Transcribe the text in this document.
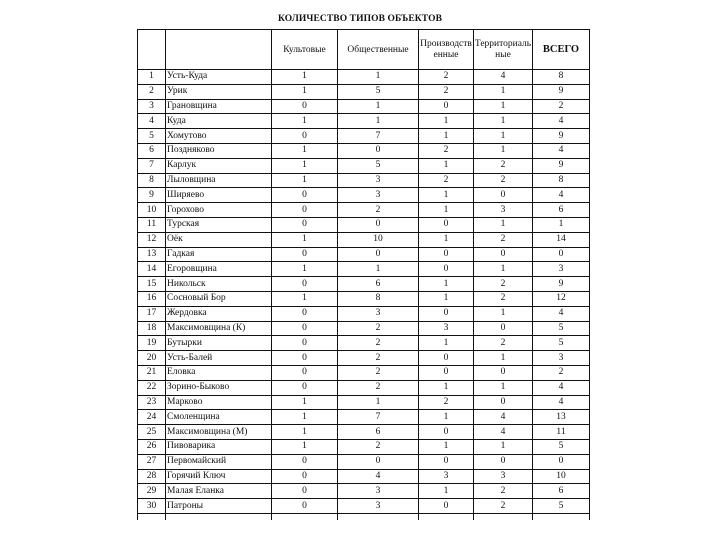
КОЛИЧЕСТВО ТИПОВ ОБЪЕКТОВ
		Культовые	Общественные	Производственные	Территориальные	ВСЕГО
1	Усть-Куда	1	1	2	4	8
2	Урик	1	5	2	1	9
3	Грановщина	0	1	0	1	2
4	Куда	1	1	1	1	4
5	Хомутово	0	7	1	1	9
6	Поздняково	1	0	2	1	4
7	Карлук	1	5	1	2	9
8	Лыловщина	1	3	2	2	8
9	Ширяево	0	3	1	0	4
10	Горохово	0	2	1	3	6
11	Турская	0	0	0	1	1
12	Оёк	1	10	1	2	14
13	Гадкая	0	0	0	0	0
14	Егоровщина	1	1	0	1	3
15	Никольск	0	6	1	2	9
16	Сосновый Бор	1	8	1	2	12
17	Жердовка	0	3	0	1	4
18	Максимовщина (К)	0	2	3	0	5
19	Бутырки	0	2	1	2	5
20	Усть-Балей	0	2	0	1	3
21	Еловка	0	2	0	0	2
22	Зорино-Быково	0	2	1	1	4
23	Марково	1	1	2	0	4
24	Смоленщина	1	7	1	4	13
25	Максимовщина (М)	1	6	0	4	11
26	Пивоварика	1	2	1	1	5
27	Первомайский	0	0	0	0	0
28	Горячий Ключ	0	4	3	3	10
29	Малая Еланка	0	3	1	2	6
30	Патроны	0	3	0	2	5
